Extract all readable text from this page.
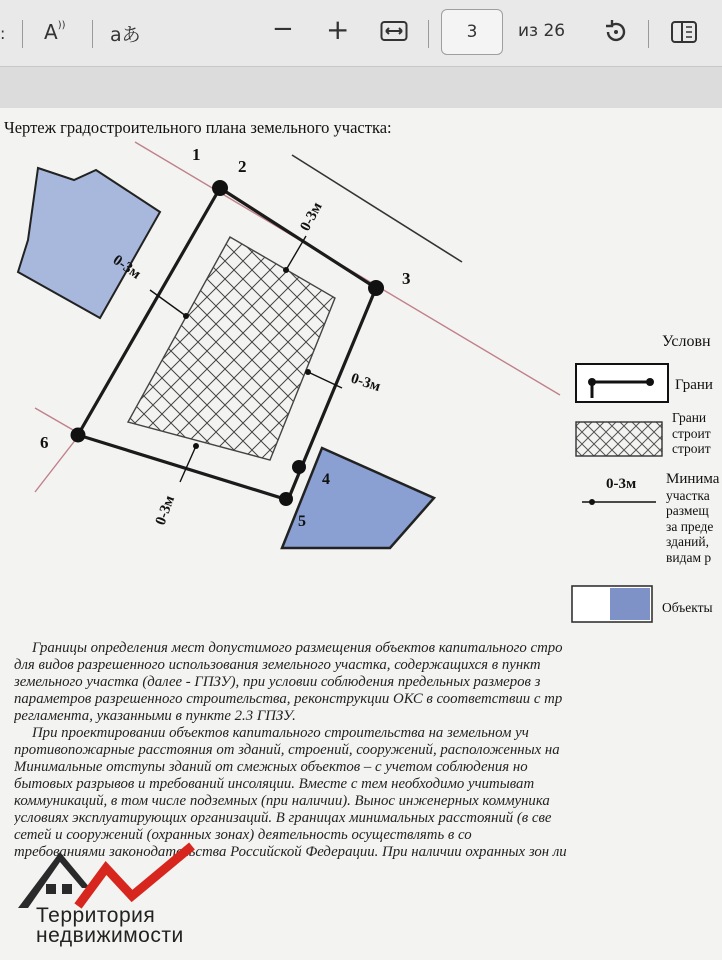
: A)) aあ	− +	3 из 26
Чертеж градостроительного плана земельного участка:
1
2
3
4
5
6
0-3м
0-3м
0-3м
0-3м
Условн
Грани
Грани
строит
строит
0-3м Минима
участка
размещ
за преде
зданий,
видам р
Объекты
Границы определения мест допустимого размещения объектов капитального стро
для видов разрешенного использования земельного участка, содержащихся в пункт
земельного участка (далее - ГПЗУ), при условии соблюдения предельных размеров з
параметров разрешенного строительства, реконструкции ОКС в соответствии с тр
регламента, указанными в пункте 2.3 ГПЗУ.
При проектировании объектов капитального строительства на земельном уч
противопожарные расстояния от зданий, строений, сооружений, расположенных на
Минимальные отступы зданий от смежных объектов – с учетом соблюдения но
бытовых разрывов и требований инсоляции. Вместе с тем необходимо учитыват
коммуникаций, в том числе подземных (при наличии). Вынос инженерных коммуника
условиях эксплуатирующих организаций. В границах минимальных расстояний (в све
сетей и сооружений (охранных зонах) деятельность осуществлять в со
требованиями законодательства Российской Федерации. При наличии охранных зон ли
Территория
недвижимости
